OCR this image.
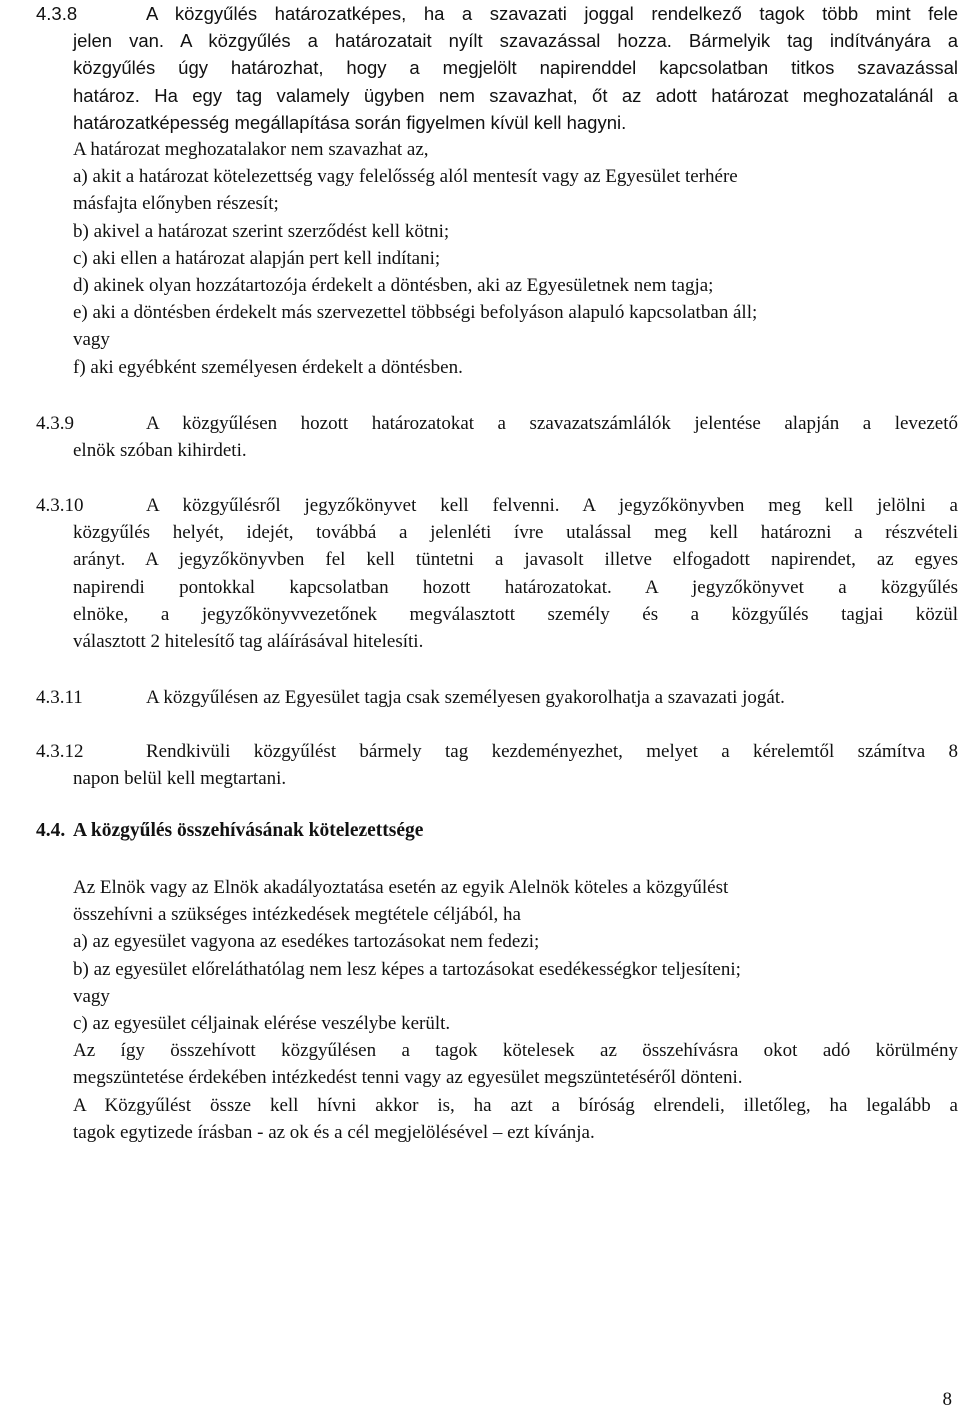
4.3.8	A közgyűlés határozatképes, ha a szavazati joggal rendelkező tagok több mint fele
jelen van. A közgyűlés a határozatait nyílt szavazással hozza. Bármelyik tag indítványára a
közgyűlés úgy határozhat, hogy a megjelölt napirenddel kapcsolatban titkos szavazással
határoz. Ha egy tag valamely ügyben nem szavazhat, őt az adott határozat meghozatalánál a
határozatképesség megállapítása során figyelmen kívül kell hagyni.
A határozat meghozatalakor nem szavazhat az,
a) akit a határozat kötelezettség vagy felelősség alól mentesít vagy az Egyesület terhére
másfajta előnyben részesít;
b) akivel a határozat szerint szerződést kell kötni;
c) aki ellen a határozat alapján pert kell indítani;
d) akinek olyan hozzátartozója érdekelt a döntésben, aki az Egyesületnek nem tagja;
e) aki a döntésben érdekelt más szervezettel többségi befolyáson alapuló kapcsolatban áll;
vagy
f) aki egyébként személyesen érdekelt a döntésben.
4.3.9	A közgyűlésen hozott határozatokat a szavazatszámlálók jelentése alapján a levezető
elnök szóban kihirdeti.
4.3.10	A közgyűlésről jegyzőkönyvet kell felvenni. A jegyzőkönyvben meg kell jelölni a
közgyűlés helyét, idejét, továbbá a jelenléti ívre utalással meg kell határozni a részvételi
arányt. A jegyzőkönyvben fel kell tüntetni a javasolt illetve elfogadott napirendet, az egyes
napirendi pontokkal kapcsolatban hozott határozatokat. A jegyzőkönyvet a közgyűlés
elnöke, a jegyzőkönyvvezetőnek megválasztott személy és a közgyűlés tagjai közül
választott 2 hitelesítő tag aláírásával hitelesíti.
4.3.11	A közgyűlésen az Egyesület tagja csak személyesen gyakorolhatja a szavazati jogát.
4.3.12	Rendkivüli közgyűlést bármely tag kezdeményezhet, melyet a kérelemtől számítva 8
napon belül kell megtartani.
4.4. A közgyűlés összehívásának kötelezettsége

Az Elnök vagy az Elnök akadályoztatása esetén az egyik Alelnök köteles a közgyűlést

összehívni a szükséges intézkedések megtétele céljából, ha

a) az egyesület vagyona az esedékes tartozásokat nem fedezi;

b) az egyesület előreláthatólag nem lesz képes a tartozásokat esedékességkor teljesíteni;

vagy

c) az egyesület céljainak elérése veszélybe került.

Az így összehívott közgyűlésen a tagok kötelesek az összehívásra okot adó körülmény

megszüntetése érdekében intézkedést tenni vagy az egyesület megszüntetéséről dönteni.

A Közgyűlést össze kell hívni akkor is, ha azt a bíróság elrendeli, illetőleg, ha legalább a

tagok egytizede írásban - az ok és a cél megjelölésével – ezt kívánja.

8
